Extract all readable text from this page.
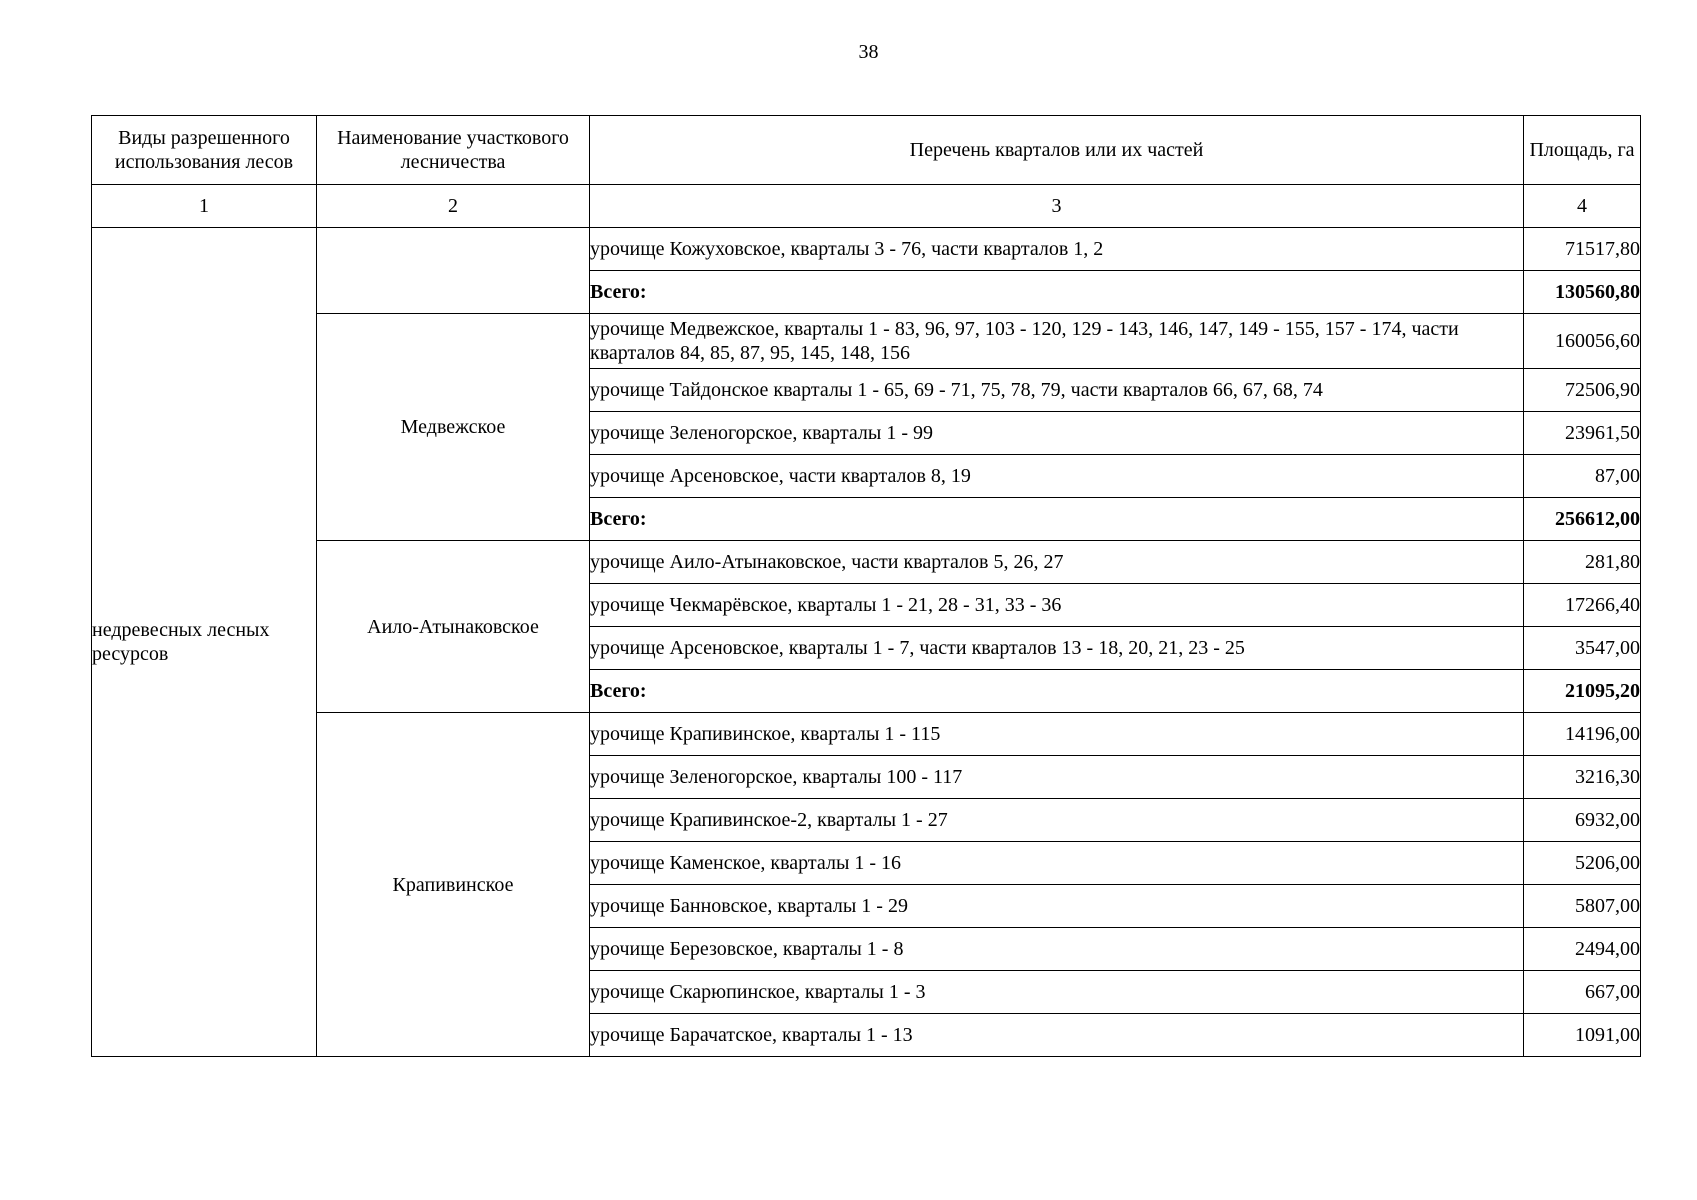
38
Виды разрешенного использования лесов	Наименование участкового лесничества	Перечень кварталов или их частей	Площадь, га
1	2	3	4
недревесных лесных ресурсов		урочище Кожуховское, кварталы 3 - 76, части кварталов 1, 2	71517,80
		Всего:	130560,80
	Медвежское	урочище Медвежское, кварталы 1 - 83, 96, 97, 103 - 120, 129 - 143, 146, 147, 149 - 155, 157 - 174, части кварталов 84, 85, 87, 95, 145, 148, 156	160056,60
		урочище Тайдонское кварталы 1 - 65, 69 - 71, 75, 78, 79, части кварталов 66, 67, 68, 74	72506,90
		урочище Зеленогорское, кварталы 1 - 99	23961,50
		урочище Арсеновское, части кварталов 8, 19	87,00
		Всего:	256612,00
	Аило-Атынаковское	урочище Аило-Атынаковское, части кварталов 5, 26, 27	281,80
		урочище Чекмарёвское, кварталы 1 - 21, 28 - 31, 33 - 36	17266,40
		урочище Арсеновское, кварталы 1 - 7, части кварталов 13 - 18, 20, 21, 23 - 25	3547,00
		Всего:	21095,20
	Крапивинское	урочище Крапивинское, кварталы 1 - 115	14196,00
		урочище Зеленогорское, кварталы 100 - 117	3216,30
		урочище Крапивинское-2, кварталы 1 - 27	6932,00
		урочище Каменское, кварталы 1 - 16	5206,00
		урочище Банновское, кварталы 1 - 29	5807,00
		урочище Березовское, кварталы 1 - 8	2494,00
		урочище Скарюпинское, кварталы 1 - 3	667,00
		урочище Барачатское, кварталы 1 - 13	1091,00
